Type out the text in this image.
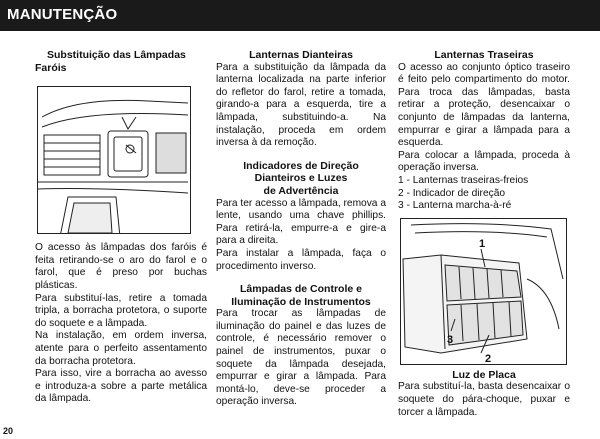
MANUTENÇÃO
Substituição das Lâmpadas
Faróis

O acesso às lâmpadas dos faróis é feita retirando-se o aro do farol e o farol, que é preso por buchas plásticas.

Para substituí-las, retire a tomada tripla, a borracha protetora, o suporte do soquete e a lâmpada.

Na instalação, em ordem inversa, atente para o perfeito assentamento da borracha protetora.

Para isso, vire a borracha ao avesso e introduza-a sobre a parte metálica da lâmpada.

Lanternas Dianteiras

Para a substituição da lâmpada da lanterna localizada na parte inferior do refletor do farol, retire a tomada, girando-a para a esquerda, tire a lâmpada, substituindo-a. Na instalação, proceda em ordem inversa à da remoção.

Indicadores de Direção
Dianteiros e Luzes
de Advertência

Para ter acesso a lâmpada, remova a lente, usando uma chave phillips. Para retirá-la, empurre-a e gire-a para a direita.

Para instalar a lâmpada, faça o procedimento inverso.

Lâmpadas de Controle e
Iluminação de Instrumentos

Para trocar as lâmpadas de iluminação do painel e das luzes de controle, é necessário remover o painel de instrumentos, puxar o soquete da lâmpada desejada, empurrar e girar a lâmpada. Para montá-lo, deve-se proceder a operação inversa.

Lanternas Traseiras

O acesso ao conjunto óptico traseiro é feito pelo compartimento do motor. Para troca das lâmpadas, basta retirar a proteção, desencaixar o conjunto de lâmpadas da lanterna, empurrar e girar a lâmpada para a esquerda.

Para colocar a lâmpada, proceda à operação inversa.

1 - Lanternas traseiras-freios

2 - Indicador de direção

3 - Lanterna marcha-à-ré

1
2
3
Luz de Placa

Para substituí-la, basta desencaixar o soquete do pára-choque, puxar e torcer a lâmpada.

20
